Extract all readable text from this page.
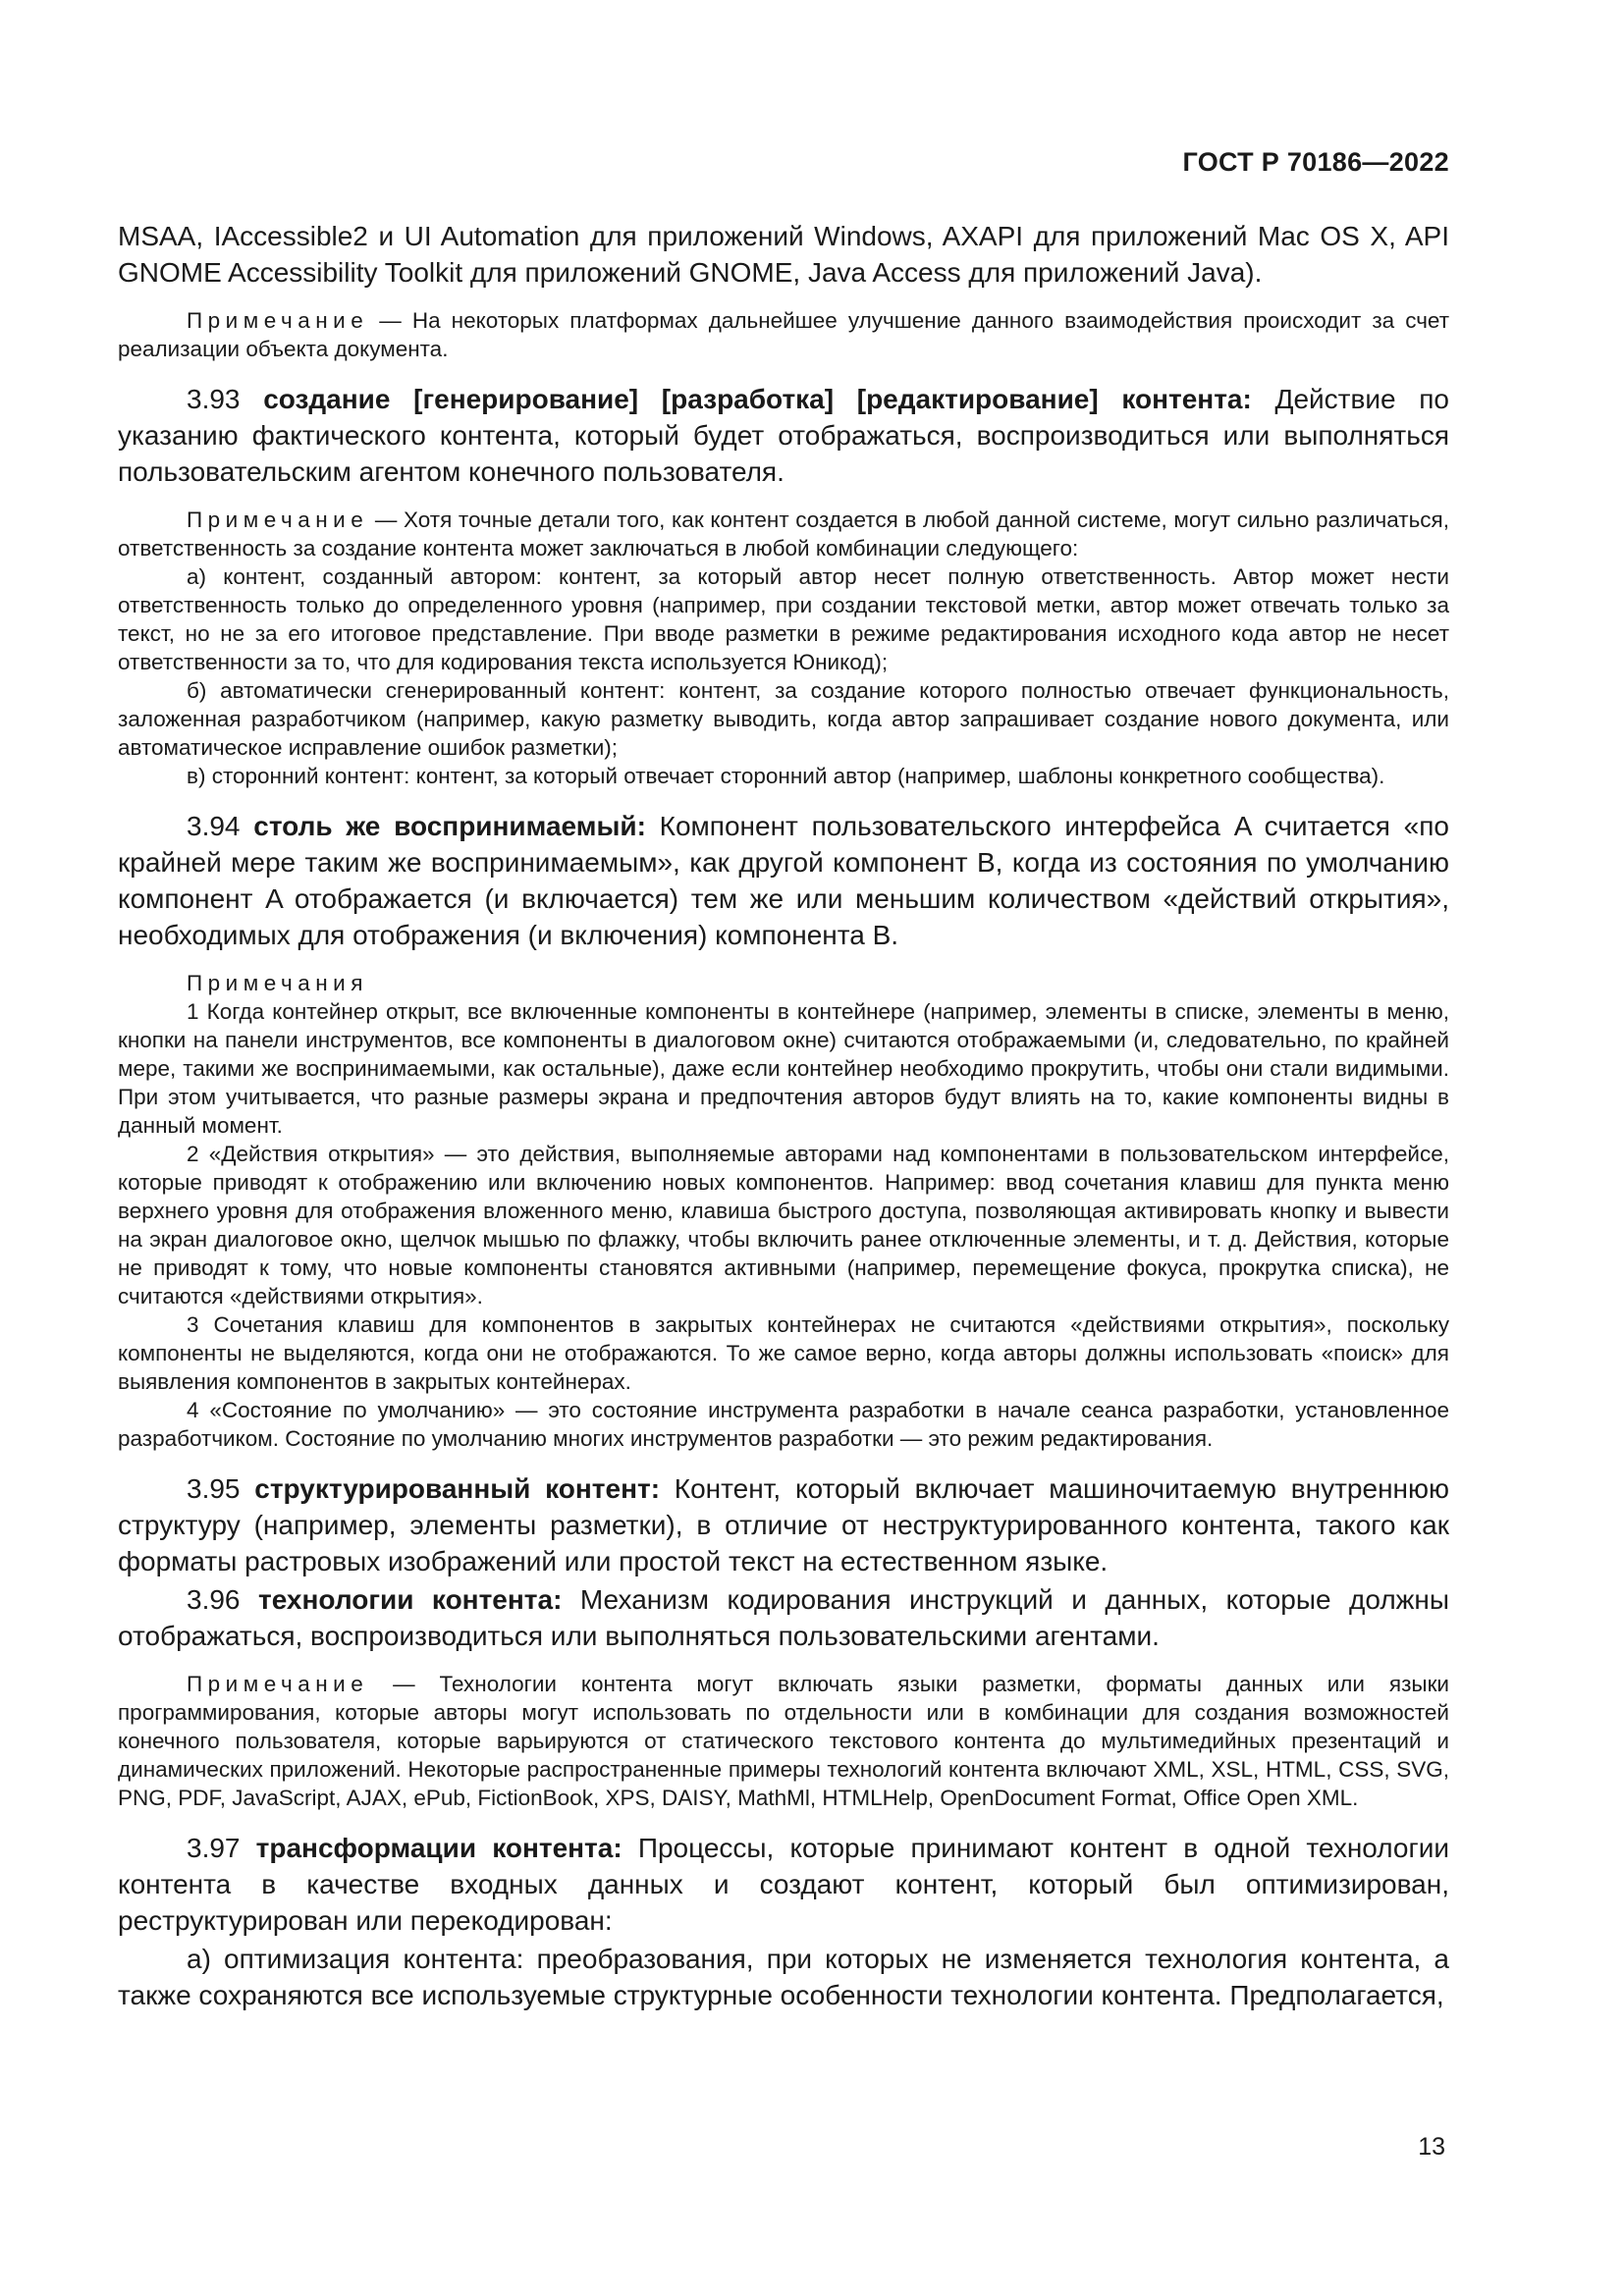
ГОСТ Р 70186—2022

MSAA, IAccessible2 и UI Automation для приложений Windows, AXAPI для приложений Mac OS X, API GNOME Accessibility Toolkit для приложений GNOME, Java Access для приложений Java).

Примечание — На некоторых платформах дальнейшее улучшение данного взаимодействия происходит за счет реализации объекта документа.

3.93 создание [генерирование] [разработка] [редактирование] контента: Действие по указанию фактического контента, который будет отображаться, воспроизводиться или выполняться пользовательским агентом конечного пользователя.

Примечание — Хотя точные детали того, как контент создается в любой данной системе, могут сильно различаться, ответственность за создание контента может заключаться в любой комбинации следующего:

а) контент, созданный автором: контент, за который автор несет полную ответственность. Автор может нести ответственность только до определенного уровня (например, при создании текстовой метки, автор может отвечать только за текст, но не за его итоговое представление. При вводе разметки в режиме редактирования исходного кода автор не несет ответственности за то, что для кодирования текста используется Юникод);

б) автоматически сгенерированный контент: контент, за создание которого полностью отвечает функциональность, заложенная разработчиком (например, какую разметку выводить, когда автор запрашивает создание нового документа, или автоматическое исправление ошибок разметки);

в) сторонний контент: контент, за который отвечает сторонний автор (например, шаблоны конкретного сообщества).

3.94 столь же воспринимаемый: Компонент пользовательского интерфейса A считается «по крайней мере таким же воспринимаемым», как другой компонент B, когда из состояния по умолчанию компонент A отображается (и включается) тем же или меньшим количеством «действий открытия», необходимых для отображения (и включения) компонента B.

Примечания

1 Когда контейнер открыт, все включенные компоненты в контейнере (например, элементы в списке, элементы в меню, кнопки на панели инструментов, все компоненты в диалоговом окне) считаются отображаемыми (и, следовательно, по крайней мере, такими же воспринимаемыми, как остальные), даже если контейнер необходимо прокрутить, чтобы они стали видимыми. При этом учитывается, что разные размеры экрана и предпочтения авторов будут влиять на то, какие компоненты видны в данный момент.

2 «Действия открытия» — это действия, выполняемые авторами над компонентами в пользовательском интерфейсе, которые приводят к отображению или включению новых компонентов. Например: ввод сочетания клавиш для пункта меню верхнего уровня для отображения вложенного меню, клавиша быстрого доступа, позволяющая активировать кнопку и вывести на экран диалоговое окно, щелчок мышью по флажку, чтобы включить ранее отключенные элементы, и т. д. Действия, которые не приводят к тому, что новые компоненты становятся активными (например, перемещение фокуса, прокрутка списка), не считаются «действиями открытия».

3 Сочетания клавиш для компонентов в закрытых контейнерах не считаются «действиями открытия», поскольку компоненты не выделяются, когда они не отображаются. То же самое верно, когда авторы должны использовать «поиск» для выявления компонентов в закрытых контейнерах.

4 «Состояние по умолчанию» — это состояние инструмента разработки в начале сеанса разработки, установленное разработчиком. Состояние по умолчанию многих инструментов разработки — это режим редактирования.

3.95 структурированный контент: Контент, который включает машиночитаемую внутреннюю структуру (например, элементы разметки), в отличие от неструктурированного контента, такого как форматы растровых изображений или простой текст на естественном языке.

3.96 технологии контента: Механизм кодирования инструкций и данных, которые должны отображаться, воспроизводиться или выполняться пользовательскими агентами.

Примечание — Технологии контента могут включать языки разметки, форматы данных или языки программирования, которые авторы могут использовать по отдельности или в комбинации для создания возможностей конечного пользователя, которые варьируются от статического текстового контента до мультимедийных презентаций и динамических приложений. Некоторые распространенные примеры технологий контента включают XML, XSL, HTML, CSS, SVG, PNG, PDF, JavaScript, AJAX, ePub, FictionBook, XPS, DAISY, MathMl, HTMLHelp, OpenDocument Format, Office Open XML.

3.97 трансформации контента: Процессы, которые принимают контент в одной технологии контента в качестве входных данных и создают контент, который был оптимизирован, реструктурирован или перекодирован:

а) оптимизация контента: преобразования, при которых не изменяется технология контента, а также сохраняются все используемые структурные особенности технологии контента. Предполагается,

13
